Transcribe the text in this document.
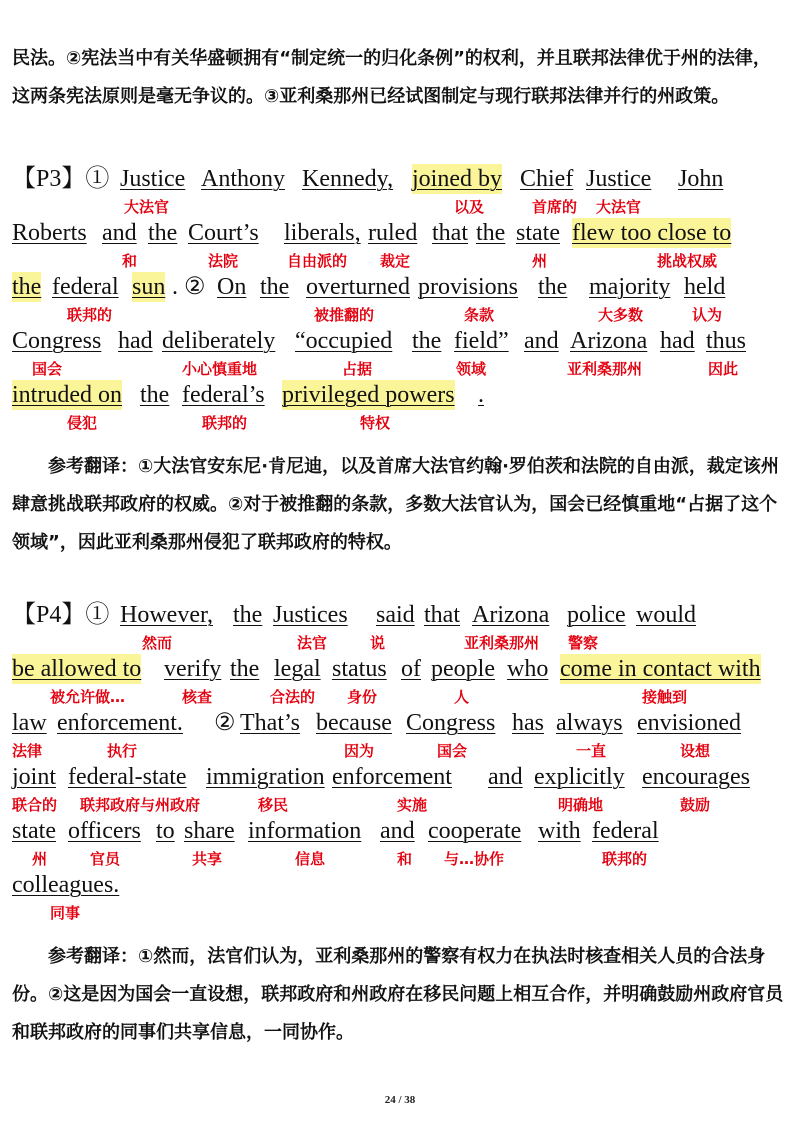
民法。②宪法当中有关华盛顿拥有“制定统一的归化条例”的权利，并且联邦法律优于州的法律，这两条宪法原则是毫无争议的。③亚利桑那州已经试图制定与现行联邦法律并行的州政策。

【P3】① Justice Anthony Kennedy, joined by Chief Justice John
Roberts and the Court’s liberals, ruled that the state flew too close to
the federal sun . ② On the overturned provisions the majority held
Congress had deliberately “occupied the field” and Arizona had thus
intruded on the federal’s privileged powers .
大法官	以及	首席的 大法官
和	法院	自由派的 裁定	州	挑战权威
联邦的	被推翻的	条款	大多数	认为
国会	小心慎重地	占据	领域	亚利桑那州	因此
侵犯	联邦的	特权

参考翻译：①大法官安东尼·肯尼迪，以及首席大法官约翰·罗伯茨和法院的自由派，裁定该州肆意挑战联邦政府的权威。②对于被推翻的条款，多数大法官认为，国会已经慎重地“占据了这个领域”，因此亚利桑那州侵犯了联邦政府的特权。

【P4】① However, the Justices said that Arizona police would
be allowed to verify the legal status of people who come in contact with
law enforcement. ② That’s because Congress has always envisioned
joint federal-state immigration enforcement and explicitly encourages
state officers to share information and cooperate with federal
colleagues.
然而	法官	说	亚利桑那州 警察
被允许做…	核查	合法的 身份	人	接触到
法律	执行	因为	国会	一直	设想
联合的 联邦政府与州政府	移民	实施	明确地	鼓励
州	官员	共享	信息	和 与…协作	联邦的
同事

参考翻译：①然而，法官们认为，亚利桑那州的警察有权力在执法时核查相关人员的合法身份。②这是因为国会一直设想，联邦政府和州政府在移民问题上相互合作，并明确鼓励州政府官员和联邦政府的同事们共享信息，一同协作。

24 / 38
